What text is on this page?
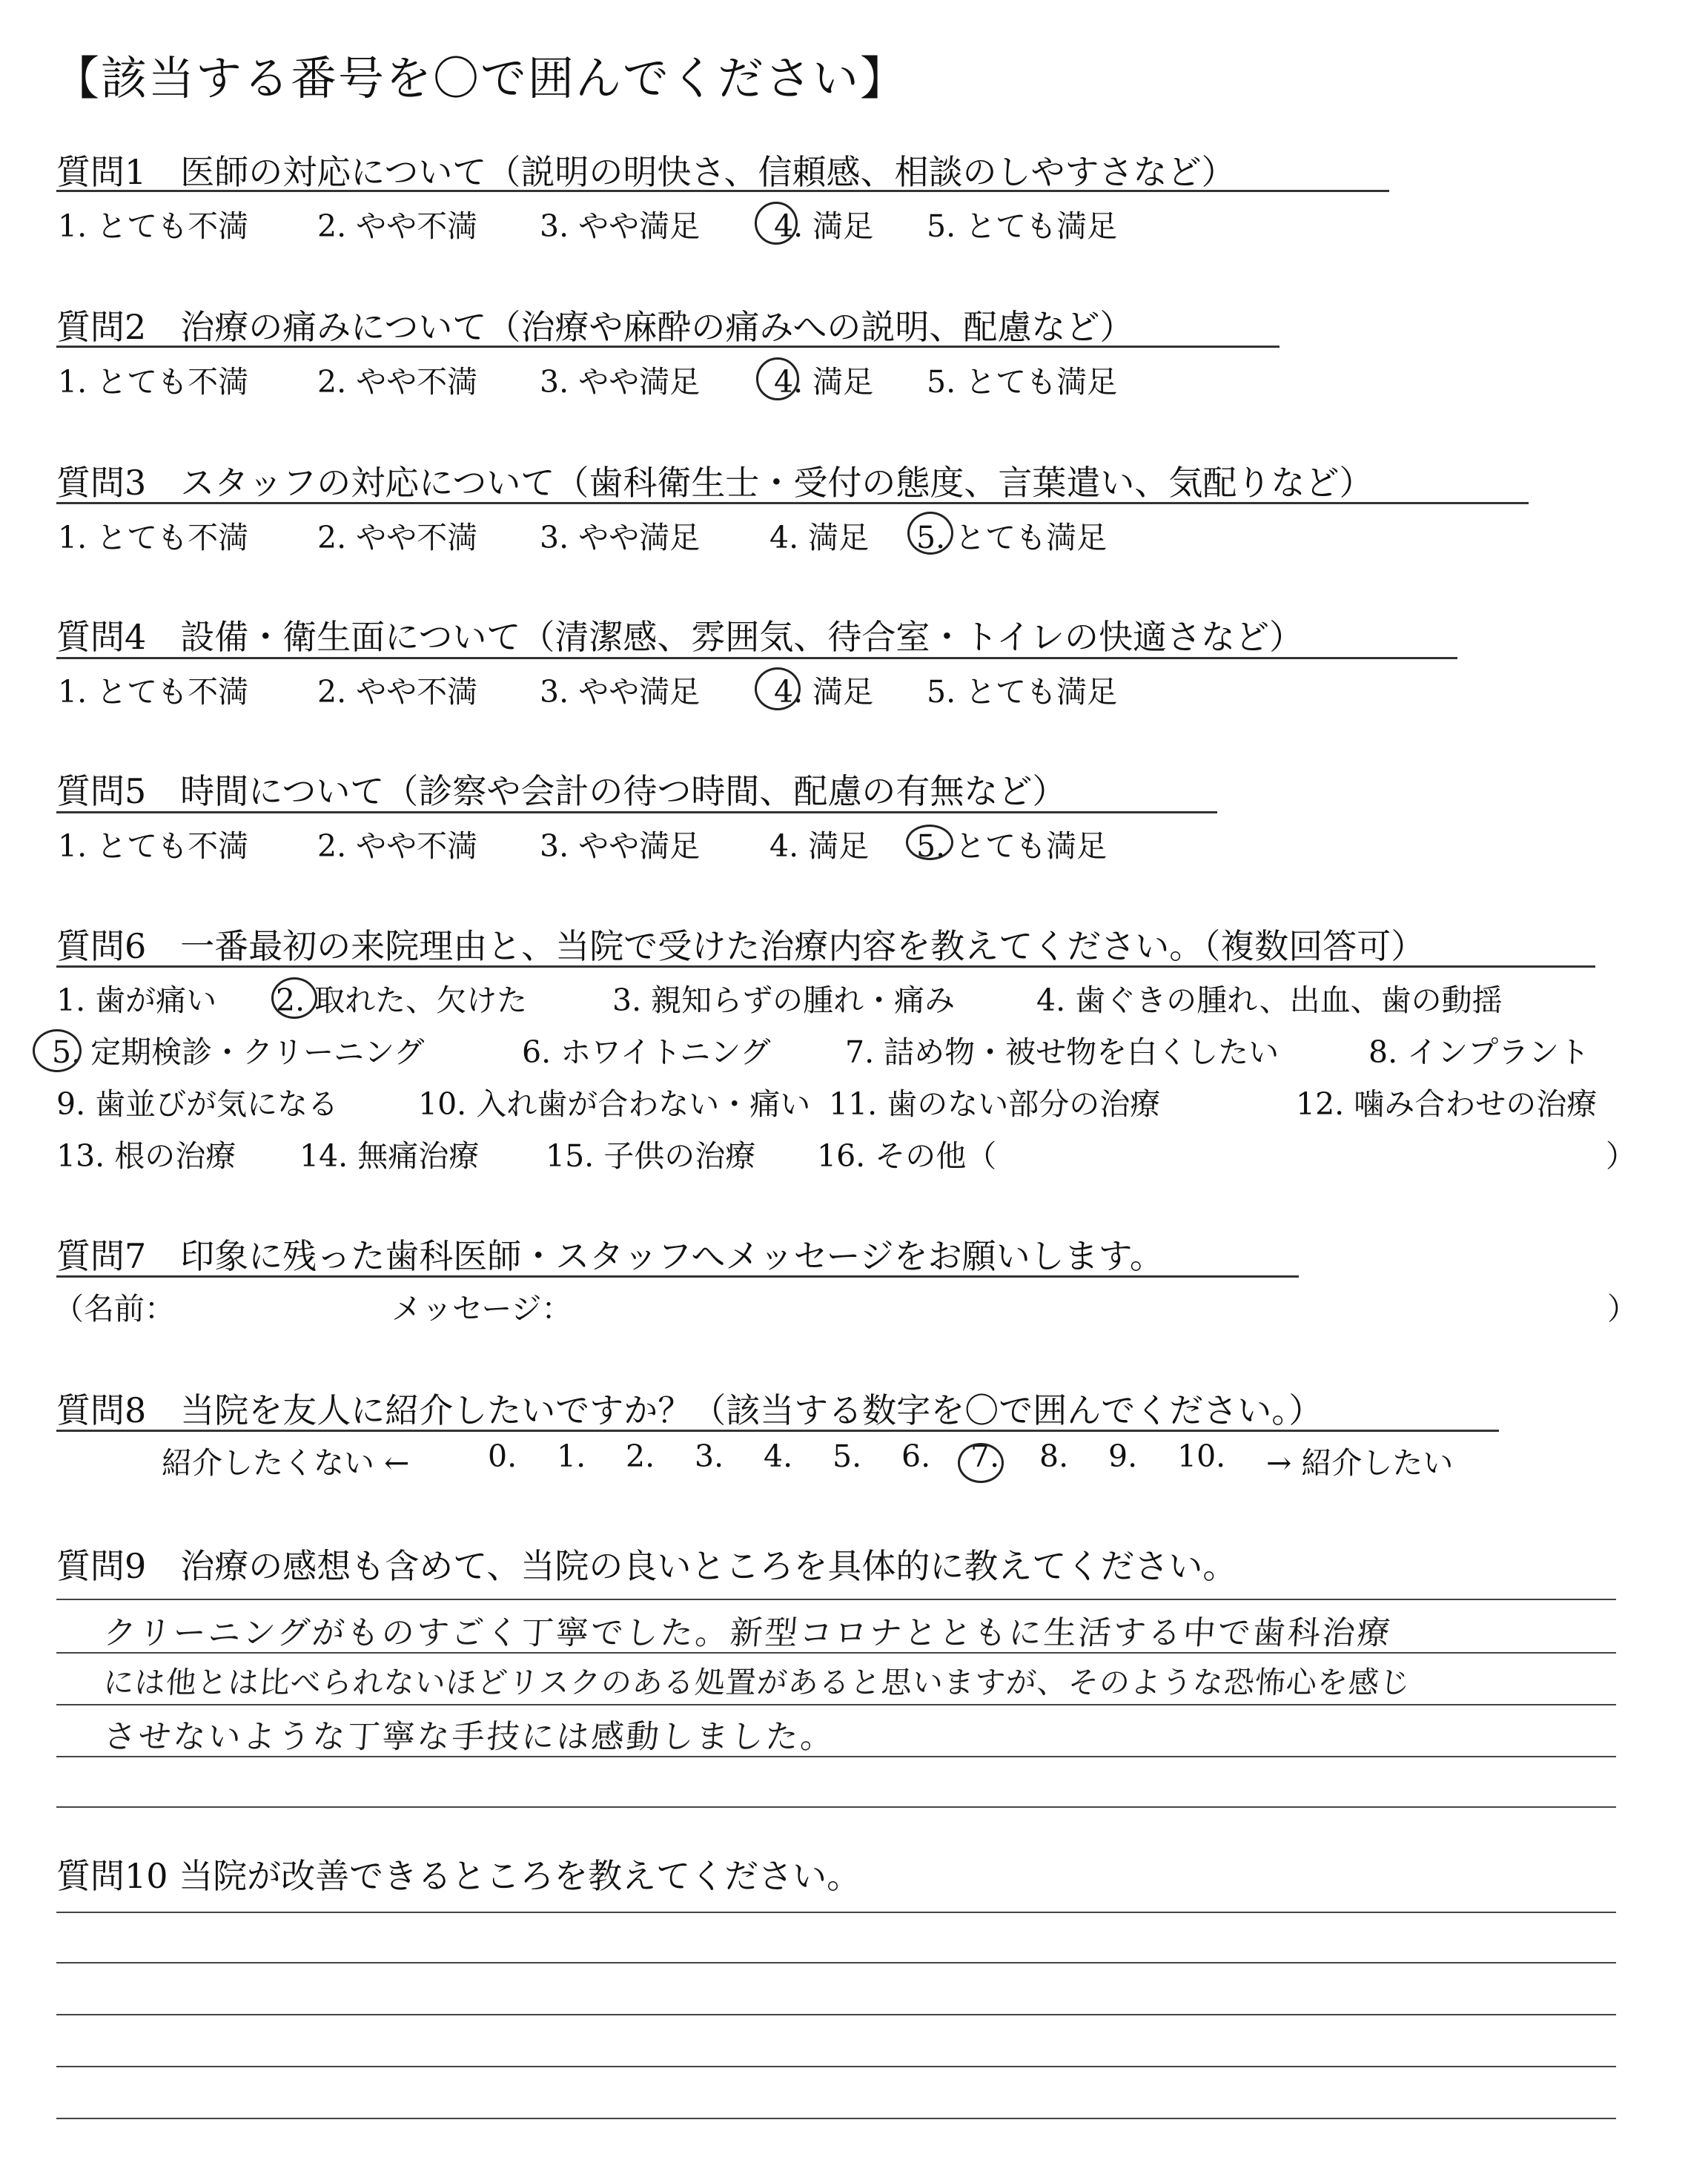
【該当する番号を〇で囲んでください】
質問1　医師の対応について（説明の明快さ、信頼感、相談のしやすさなど）
1. とても不満 2. やや不満 3. やや満足 4. 満足 5. とても満足
質問2　治療の痛みについて（治療や麻酔の痛みへの説明、配慮など）
1. とても不満 2. やや不満 3. やや満足 4. 満足 5. とても満足
質問3　スタッフの対応について（歯科衛生士・受付の態度、言葉遣い、気配りなど）
1. とても不満 2. やや不満 3. やや満足 4. 満足 5. とても満足
質問4　設備・衛生面について（清潔感、雰囲気、待合室・トイレの快適さなど）
1. とても不満 2. やや不満 3. やや満足 4. 満足 5. とても満足
質問5　時間について（診察や会計の待つ時間、配慮の有無など）
1. とても不満 2. やや不満 3. やや満足 4. 満足 5. とても満足
質問6　一番最初の来院理由と、当院で受けた治療内容を教えてください。（複数回答可）
1. 歯が痛い 2. 取れた、欠けた	3. 親知らずの腫れ・痛み	4. 歯ぐきの腫れ、出血、歯の動揺
5. 定期検診・クリーニング	6. ホワイトニング 7. 詰め物・被せ物を白くしたい	8. インプラント
9. 歯並びが気になる	10. 入れ歯が合わない・痛い 11. 歯のない部分の治療	12. 噛み合わせの治療
13. 根の治療 14. 無痛治療 15. 子供の治療 16. その他（	）
質問7　印象に残った歯科医師・スタッフへメッセージをお願いします。
（名前：	メッセージ：	）
質問8　当院を友人に紹介したいですか？（該当する数字を〇で囲んでください。）
紹介したくない ←	0. 1. 2. 3. 4. 5. 6. 7. 8. 9. 10. → 紹介したい
質問9　治療の感想も含めて、当院の良いところを具体的に教えてください。
クリーニングがものすごく丁寧でした。新型コロナとともに生活する中で歯科治療
には他とは比べられないほどリスクのある処置があると思いますが、そのような恐怖心を感じ
させないような丁寧な手技には感動しました。
質問10 当院が改善できるところを教えてください。
